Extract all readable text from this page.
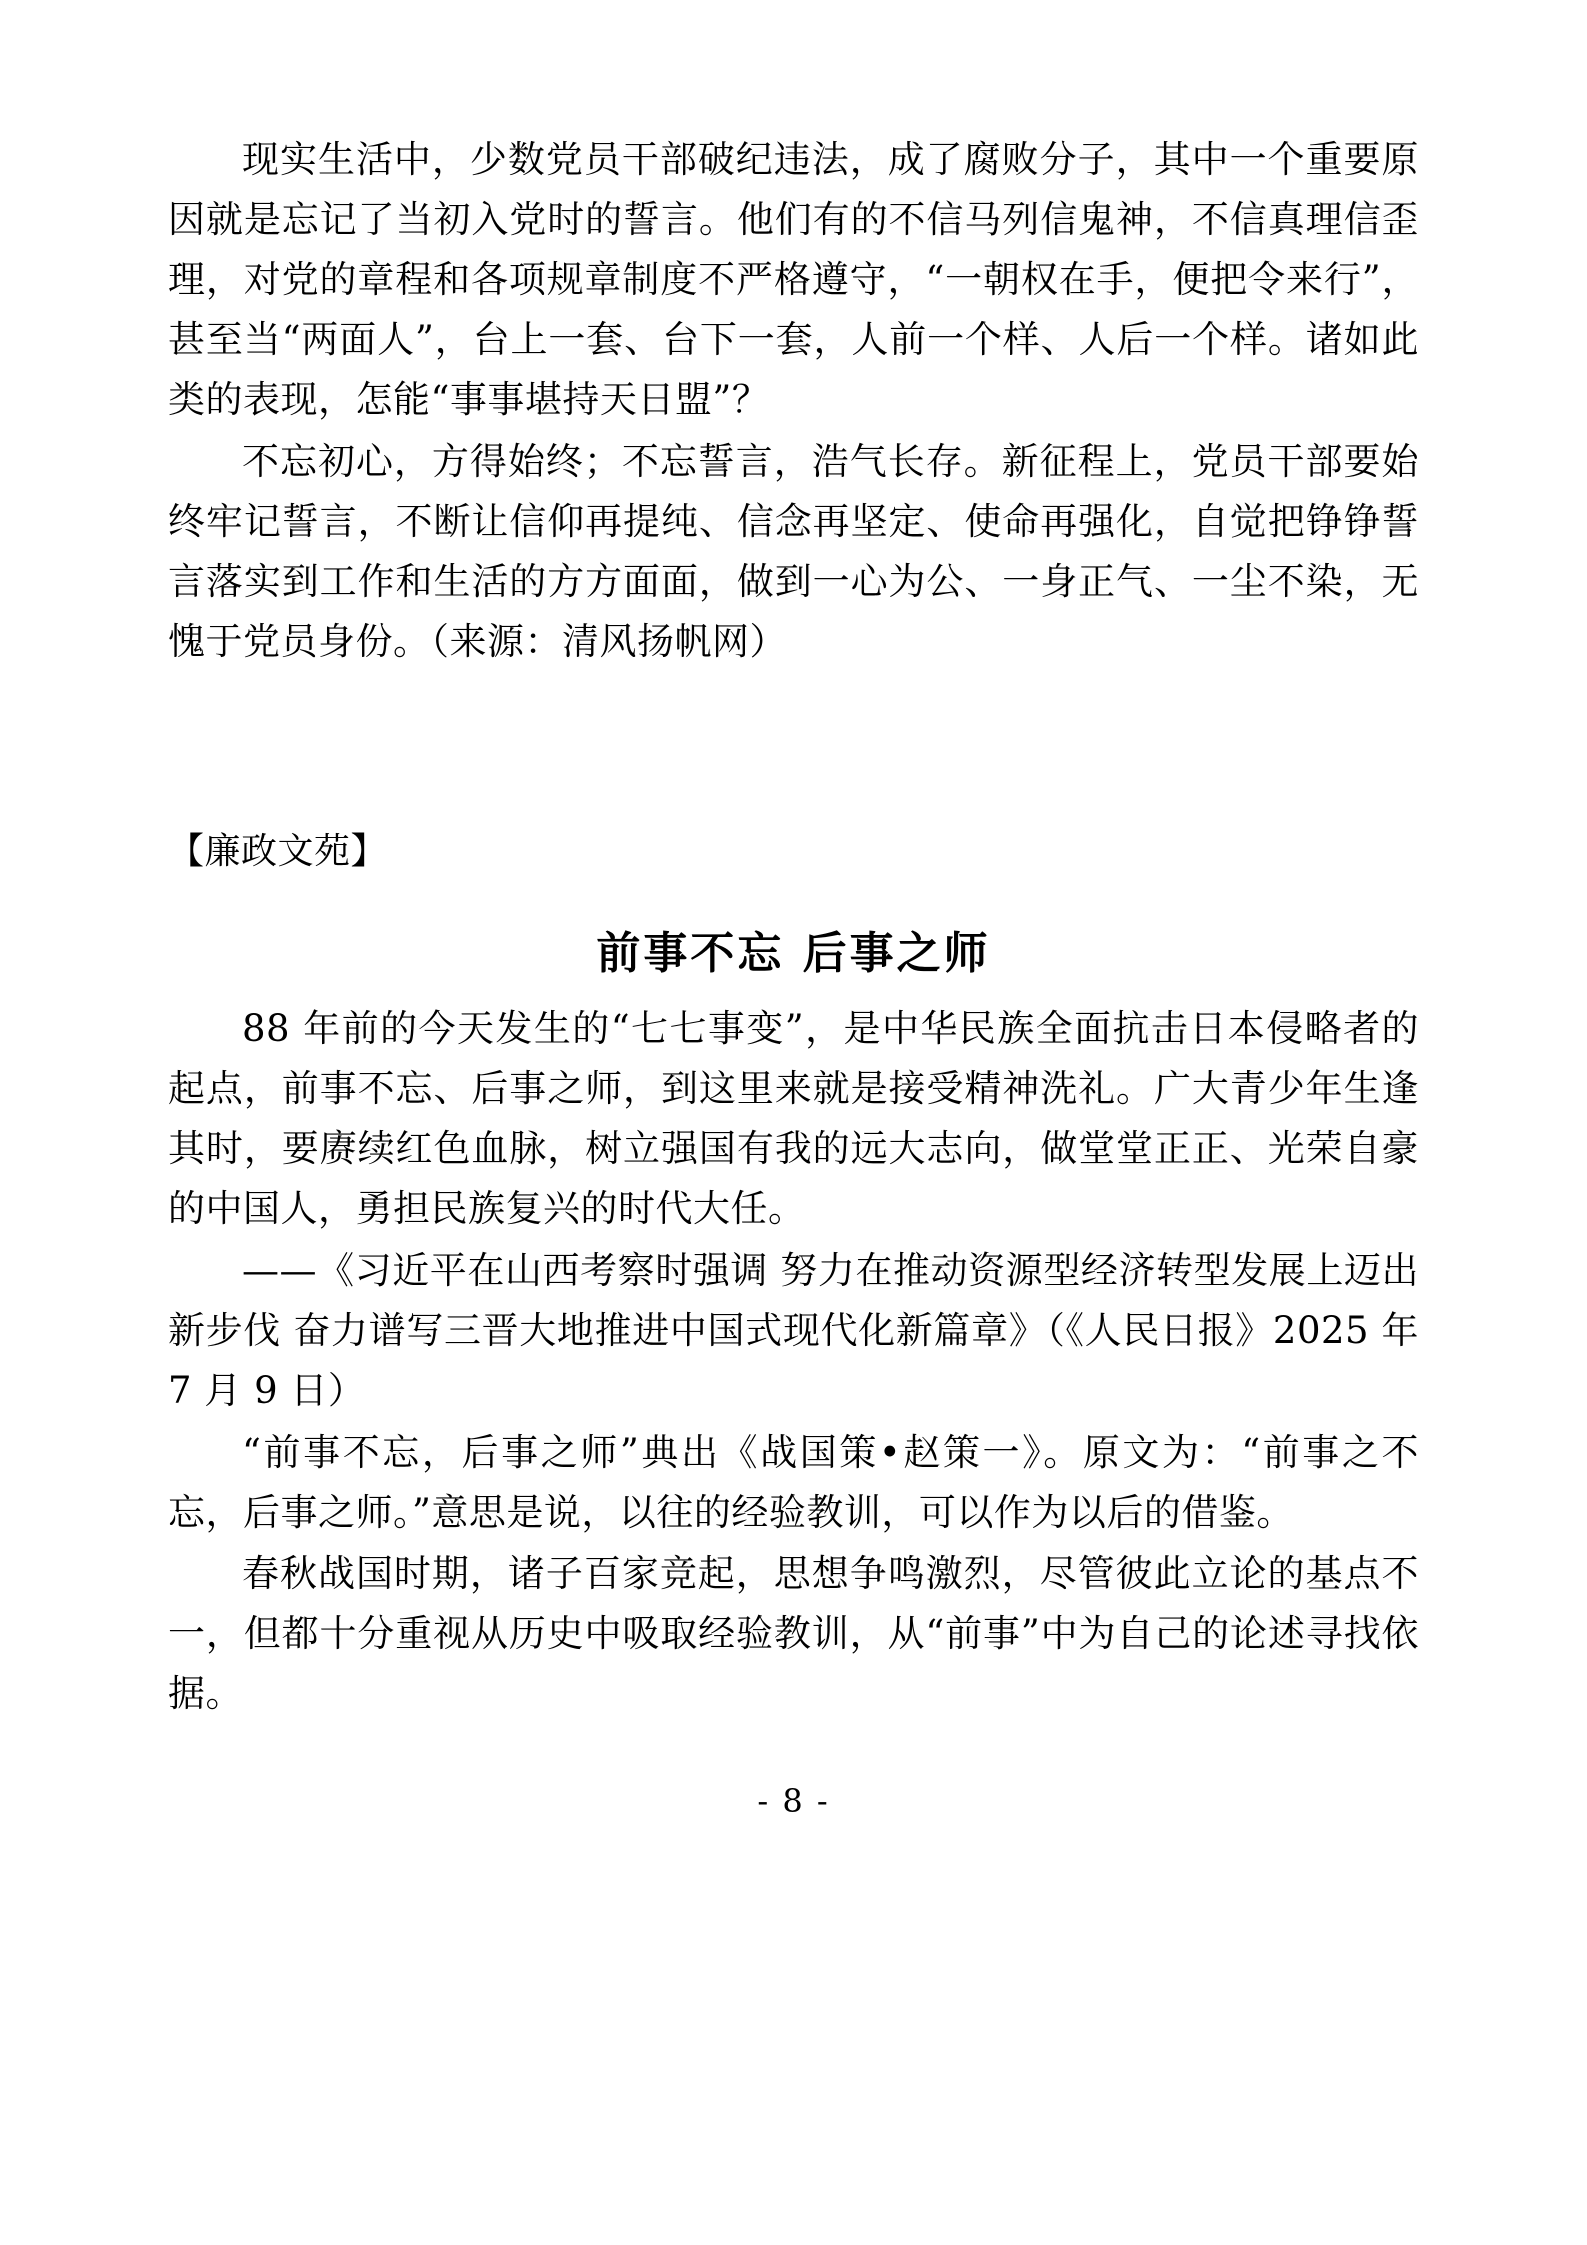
现实生活中，少数党员干部破纪违法，成了腐败分子，其中一个重要原因就是忘记了当初入党时的誓言。他们有的不信马列信鬼神，不信真理信歪理，对党的章程和各项规章制度不严格遵守，“一朝权在手，便把令来行”，甚至当“两面人”，台上一套、台下一套，人前一个样、人后一个样。诸如此类的表现，怎能“事事堪持天日盟”？

不忘初心，方得始终；不忘誓言，浩气长存。新征程上，党员干部要始终牢记誓言，不断让信仰再提纯、信念再坚定、使命再强化，自觉把铮铮誓言落实到工作和生活的方方面面，做到一心为公、一身正气、一尘不染，无愧于党员身份。（来源：清风扬帆网）

【廉政文苑】
前事不忘 后事之师

88 年前的今天发生的“七七事变”，是中华民族全面抗击日本侵略者的起点，前事不忘、后事之师，到这里来就是接受精神洗礼。广大青少年生逢其时，要赓续红色血脉，树立强国有我的远大志向，做堂堂正正、光荣自豪的中国人，勇担民族复兴的时代大任。

——《习近平在山西考察时强调 努力在推动资源型经济转型发展上迈出新步伐 奋力谱写三晋大地推进中国式现代化新篇章》（《人民日报》2025 年 7 月 9 日）

“前事不忘，后事之师”典出《战国策•赵策一》。原文为：“前事之不忘，后事之师。”意思是说，以往的经验教训，可以作为以后的借鉴。

春秋战国时期，诸子百家竞起，思想争鸣激烈，尽管彼此立论的基点不一，但都十分重视从历史中吸取经验教训，从“前事”中为自己的论述寻找依据。

- 8 -
